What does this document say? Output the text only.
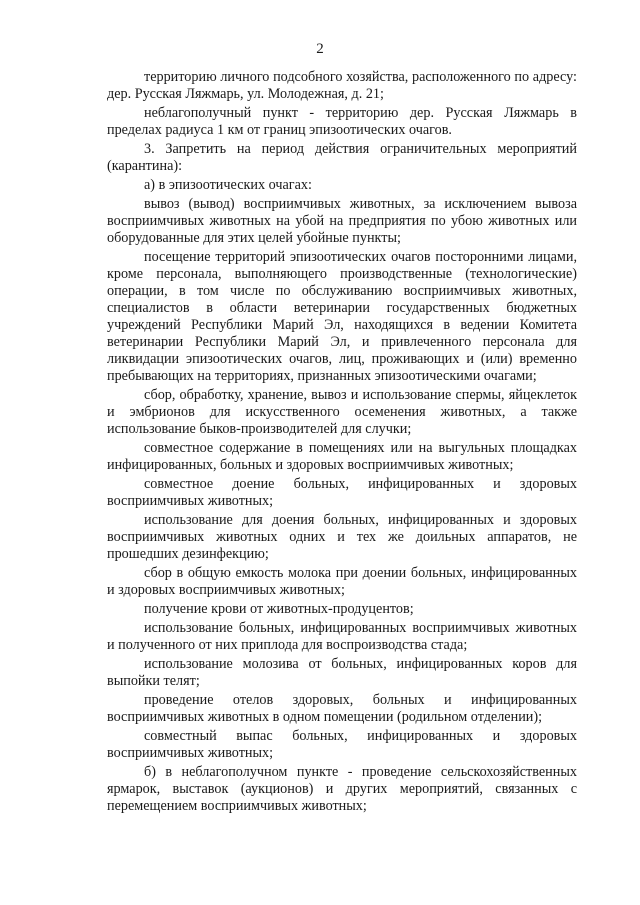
2

территорию личного подсобного хозяйства, расположенного по адресу: дер. Русская Ляжмарь, ул. Молодежная, д. 21;

неблагополучный пункт - территорию дер. Русская Ляжмарь в пределах радиуса 1 км от границ эпизоотических очагов.

3. Запретить на период действия ограничительных мероприятий (карантина):

а) в эпизоотических очагах:

вывоз (вывод) восприимчивых животных, за исключением вывоза восприимчивых животных на убой на предприятия по убою животных или оборудованные для этих целей убойные пункты;

посещение территорий эпизоотических очагов посторонними лицами, кроме персонала, выполняющего производственные (технологические) операции, в том числе по обслуживанию восприимчивых животных, специалистов в области ветеринарии государственных бюджетных учреждений Республики Марий Эл, находящихся в ведении Комитета ветеринарии Республики Марий Эл, и привлеченного персонала для ликвидации эпизоотических очагов, лиц, проживающих и (или) временно пребывающих на территориях, признанных эпизоотическими очагами;

сбор, обработку, хранение, вывоз и использование спермы, яйцеклеток и эмбрионов для искусственного осеменения животных, а также использование быков-производителей для случки;

совместное содержание в помещениях или на выгульных площадках инфицированных, больных и здоровых восприимчивых животных;

совместное доение больных, инфицированных и здоровых восприимчивых животных;

использование для доения больных, инфицированных и здоровых восприимчивых животных одних и тех же доильных аппаратов, не прошедших дезинфекцию;

сбор в общую емкость молока при доении больных, инфицированных и здоровых восприимчивых животных;

получение крови от животных-продуцентов;

использование больных, инфицированных восприимчивых животных и полученного от них приплода для воспроизводства стада;

использование молозива от больных, инфицированных коров для выпойки телят;

проведение отелов здоровых, больных и инфицированных восприимчивых животных в одном помещении (родильном отделении);

совместный выпас больных, инфицированных и здоровых восприимчивых животных;

б) в неблагополучном пункте - проведение сельскохозяйственных ярмарок, выставок (аукционов) и других мероприятий, связанных с перемещением восприимчивых животных;
